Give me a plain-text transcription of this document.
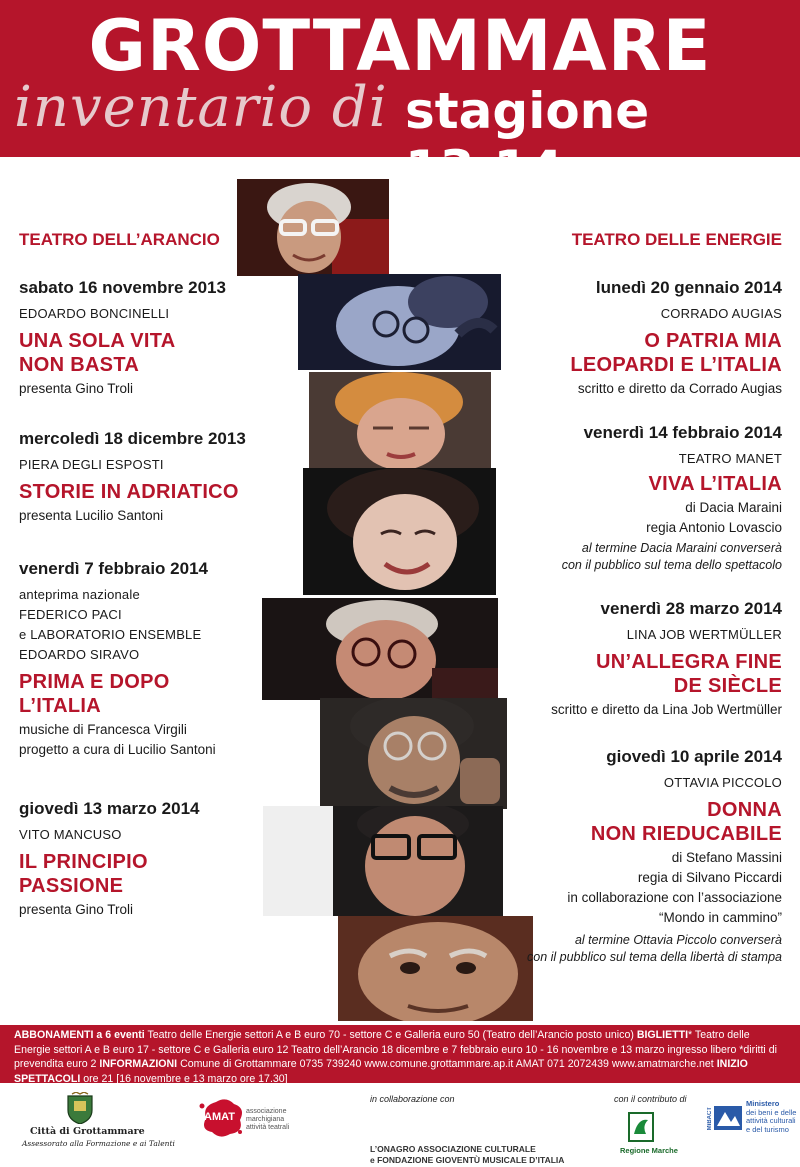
GROTTAMMARE
inventario di stagione 13.14
TEATRO DELL’ARANCIO	TEATRO DELLE ENERGIE
sabato 16 novembre 2013
EDOARDO BONCINELLI
UNA SOLA VITA
NON BASTA
presenta Gino Troli
mercoledì 18 dicembre 2013
PIERA DEGLI ESPOSTI
STORIE IN ADRIATICO
presenta Lucilio Santoni
venerdì 7 febbraio 2014
anteprima nazionale
FEDERICO PACI
e LABORATORIO ENSEMBLE
EDOARDO SIRAVO
PRIMA E DOPO
L’ITALIA
musiche di Francesca Virgili
progetto a cura di Lucilio Santoni
giovedì 13 marzo 2014
VITO MANCUSO
IL PRINCIPIO
PASSIONE
presenta Gino Troli
lunedì 20 gennaio 2014
CORRADO AUGIAS
O PATRIA MIA
LEOPARDI E L’ITALIA
scritto e diretto da Corrado Augias
venerdì 14 febbraio 2014
TEATRO MANET
VIVA L’ITALIA
di Dacia Maraini
regia Antonio Lovascio
al termine Dacia Maraini converserà
con il pubblico sul tema dello spettacolo
venerdì 28 marzo 2014
LINA JOB WERTMÜLLER
UN’ALLEGRA FINE
DE SIÈCLE
scritto e diretto da Lina Job Wertmüller
giovedì 10 aprile 2014
OTTAVIA PICCOLO
DONNA
NON RIEDUCABILE
di Stefano Massini
regia di Silvano Piccardi
in collaborazione con l’associazione
“Mondo in cammino”
al termine Ottavia Piccolo converserà
con il pubblico sul tema della libertà di stampa

ABBONAMENTI a 6 eventi Teatro delle Energie settori A e B euro 70 - settore C e Galleria euro 50 (Teatro dell’Arancio posto unico) BIGLIETTI* Teatro delle Energie settori A e B euro 17 - settore C e Galleria euro 12 Teatro dell’Arancio 18 dicembre e 7 febbraio euro 10 - 16 novembre e 13 marzo ingresso libero *diritti di prevendita euro 2 INFORMAZIONI Comune di Grottammare 0735 739240 www.comune.grottammare.ap.it AMAT 071 2072439 www.amatmarche.net INIZIO SPETTACOLI ore 21 [16 novembre e 13 marzo ore 17.30]

Città di Grottammare
Assessorato alla Formazione e ai Talenti
AMAT associazione
marchigiana
attività teatrali
in collaborazione con
L’ONAGRO ASSOCIAZIONE CULTURALE
e FONDAZIONE GIOVENTÙ MUSICALE D’ITALIA
con il contributo di
Regione Marche
MiBACT
Ministero
dei beni e delle
attività culturali
e del turismo
